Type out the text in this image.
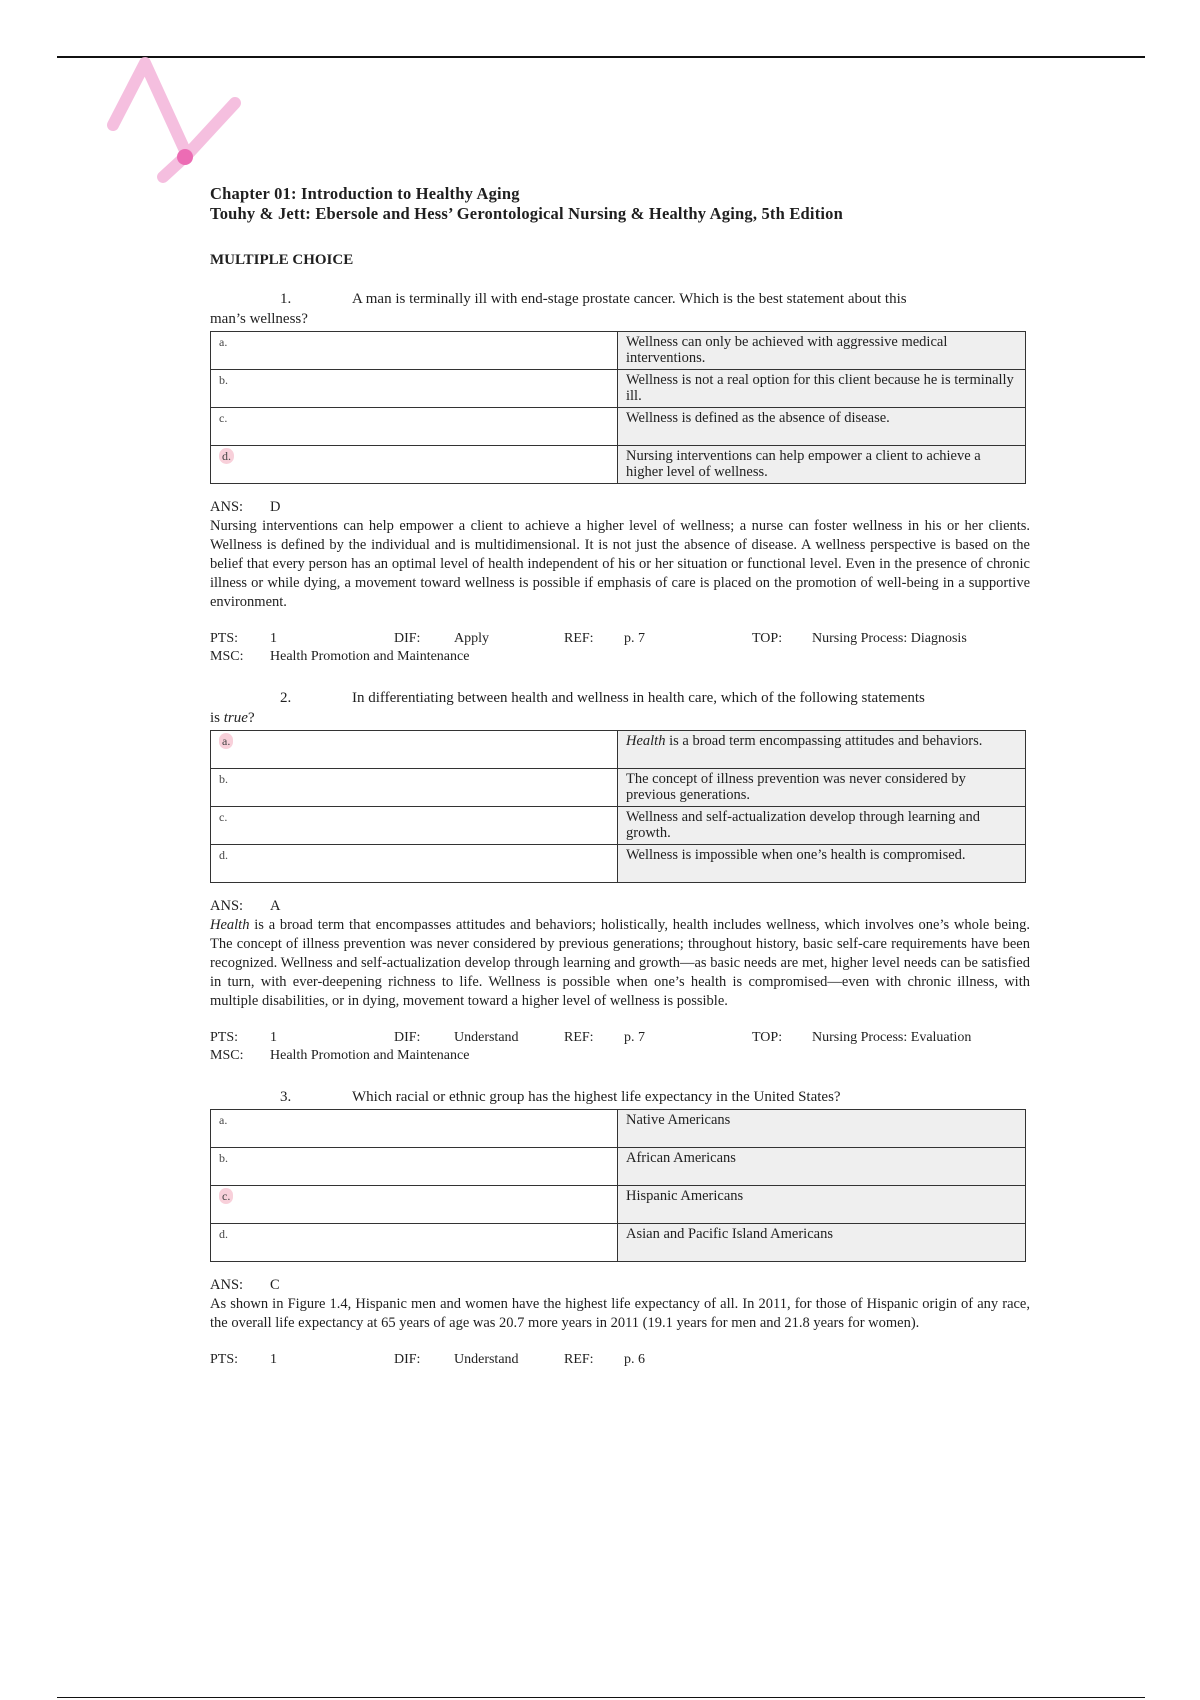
Chapter 01: Introduction to Healthy Aging
Touhy & Jett: Ebersole and Hess’ Gerontological Nursing & Healthy Aging, 5th Edition
MULTIPLE CHOICE
1.	A man is terminally ill with end-stage prostate cancer. Which is the best statement about this
man’s wellness?
a.	Wellness can only be achieved with aggressive medical interventions.
b.	Wellness is not a real option for this client because he is terminally ill.
c.	Wellness is defined as the absence of disease.
d.	Nursing interventions can help empower a client to achieve a higher level of wellness.
ANS: D
Nursing interventions can help empower a client to achieve a higher level of wellness; a nurse can foster wellness in his or her clients. Wellness is defined by the individual and is multidimensional. It is not just the absence of disease. A wellness perspective is based on the belief that every person has an optimal level of health independent of his or her situation or functional level. Even in the presence of chronic illness or while dying, a movement toward wellness is possible if emphasis of care is placed on the promotion of well-being in a supportive environment.
PTS: 1	DIF: Apply	REF: p. 7	TOP: Nursing Process: Diagnosis
MSC: Health Promotion and Maintenance
2.	In differentiating between health and wellness in health care, which of the following statements
is true?
a.	Health is a broad term encompassing attitudes and behaviors.
b.	The concept of illness prevention was never considered by previous generations.
c.	Wellness and self-actualization develop through learning and growth.
d.	Wellness is impossible when one’s health is compromised.
ANS: A
Health is a broad term that encompasses attitudes and behaviors; holistically, health includes wellness, which involves one’s whole being. The concept of illness prevention was never considered by previous generations; throughout history, basic self-care requirements have been recognized. Wellness and self-actualization develop through learning and growth—as basic needs are met, higher level needs can be satisfied in turn, with ever-deepening richness to life. Wellness is possible when one’s health is compromised—even with chronic illness, with multiple disabilities, or in dying, movement toward a higher level of wellness is possible.
PTS: 1	DIF: Understand	REF: p. 7	TOP: Nursing Process: Evaluation
MSC: Health Promotion and Maintenance
3.	Which racial or ethnic group has the highest life expectancy in the United States?
a.	Native Americans
b.	African Americans
c.	Hispanic Americans
d.	Asian and Pacific Island Americans
ANS: C
As shown in Figure 1.4, Hispanic men and women have the highest life expectancy of all. In 2011, for those of Hispanic origin of any race, the overall life expectancy at 65 years of age was 20.7 more years in 2011 (19.1 years for men and 21.8 years for women).
PTS: 1	DIF: Understand	REF: p. 6
